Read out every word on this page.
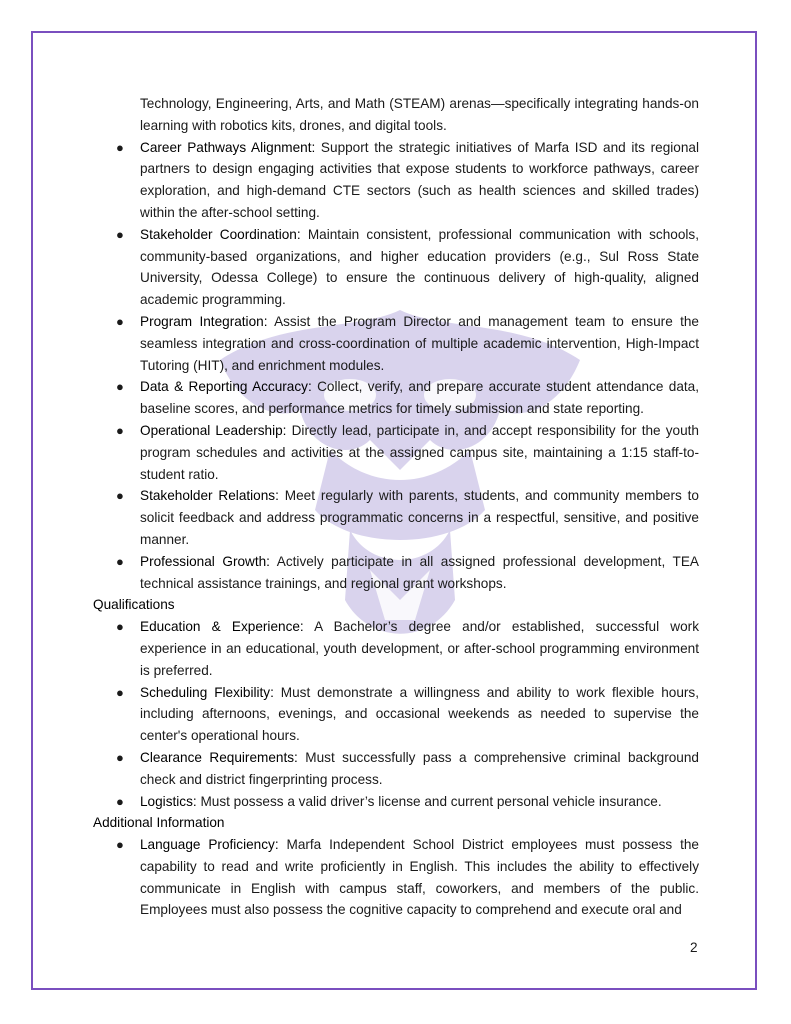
Technology, Engineering, Arts, and Math (STEAM) arenas—specifically integrating hands-on learning with robotics kits, drones, and digital tools.

● Career Pathways Alignment: Support the strategic initiatives of Marfa ISD and its regional partners to design engaging activities that expose students to workforce pathways, career exploration, and high-demand CTE sectors (such as health sciences and skilled trades) within the after-school setting.
● Stakeholder Coordination: Maintain consistent, professional communication with schools, community-based organizations, and higher education providers (e.g., Sul Ross State University, Odessa College) to ensure the continuous delivery of high-quality, aligned academic programming.
● Program Integration: Assist the Program Director and management team to ensure the seamless integration and cross-coordination of multiple academic intervention, High-Impact Tutoring (HIT), and enrichment modules.
● Data & Reporting Accuracy: Collect, verify, and prepare accurate student attendance data, baseline scores, and performance metrics for timely submission and state reporting.
● Operational Leadership: Directly lead, participate in, and accept responsibility for the youth program schedules and activities at the assigned campus site, maintaining a 1:15 staff-to-student ratio.
● Stakeholder Relations: Meet regularly with parents, students, and community members to solicit feedback and address programmatic concerns in a respectful, sensitive, and positive manner.
● Professional Growth: Actively participate in all assigned professional development, TEA technical assistance trainings, and regional grant workshops.
Qualifications
● Education & Experience: A Bachelor’s degree and/or established, successful work experience in an educational, youth development, or after-school programming environment is preferred.
● Scheduling Flexibility: Must demonstrate a willingness and ability to work flexible hours, including afternoons, evenings, and occasional weekends as needed to supervise the center's operational hours.
● Clearance Requirements: Must successfully pass a comprehensive criminal background check and district fingerprinting process.
● Logistics: Must possess a valid driver’s license and current personal vehicle insurance.
Additional Information
● Language Proficiency: Marfa Independent School District employees must possess the capability to read and write proficiently in English. This includes the ability to effectively communicate in English with campus staff, coworkers, and members of the public. Employees must also possess the cognitive capacity to comprehend and execute oral and
2
